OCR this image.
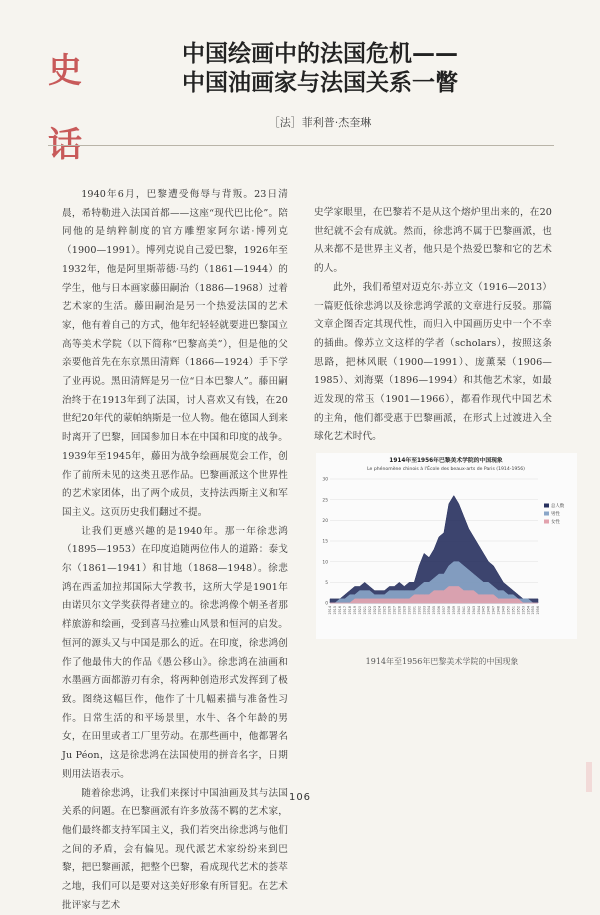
史
话
中国绘画中的法国危机——
中国油画家与法国关系一瞥
［法］菲利普·杰奎琳

1940年6月，巴黎遭受侮辱与背叛。23日清晨，希特勒进入法国首都——这座“现代巴比伦”。陪同他的是纳粹制度的官方雕塑家阿尔诺·博列克（1900—1991）。博列克说自己爱巴黎，1926年至1932年，他是阿里斯蒂德·马约（1861—1944）的学生，他与日本画家藤田嗣治（1886—1968）过着艺术家的生活。藤田嗣治是另一个热爱法国的艺术家，他有着自己的方式，他年纪轻轻就要进巴黎国立高等美术学院（以下简称“巴黎高美”），但是他的父亲要他首先在东京黑田清辉（1866—1924）手下学了业再说。黑田清辉是另一位“日本巴黎人”。藤田嗣治终于在1913年到了法国，讨人喜欢又有钱，在20世纪20年代的蒙帕纳斯是一位人物。他在德国人到来时离开了巴黎，回国参加日本在中国和印度的战争。1939年至1945年，藤田为战争绘画展览会工作，创作了前所未见的这类丑恶作品。巴黎画派这个世界性的艺术家团体，出了两个成员，支持法西斯主义和军国主义。这页历史我们翻过不提。

让我们更感兴趣的是1940年。那一年徐悲鸿（1895—1953）在印度追随两位伟人的道路：泰戈尔（1861—1941）和甘地（1868—1948）。徐悲鸿在西孟加拉邦国际大学教书，这所大学是1901年由诺贝尔文学奖获得者建立的。徐悲鸿像个朝圣者那样旅游和绘画，受到喜马拉雅山风景和恒河的启发。恒河的源头又与中国是那么的近。在印度，徐悲鸿创作了他最伟大的作品《愚公移山》。徐悲鸿在油画和水墨画方面都游刃有余，将两种创造形式发挥到了极致。图绕这幅巨作，他作了十几幅素描与准备性习作。日常生活的和平场景里，水牛、各个年龄的男女，在田里或者工厂里劳动。在那些画中，他都署名Ju Péon，这是徐悲鸿在法国使用的拼音名字，日期则用法语表示。

随着徐悲鸿，让我们来探讨中国油画及其与法国关系的问题。在巴黎画派有许多放荡不羁的艺术家，他们最终都支持军国主义，我们若突出徐悲鸿与他们之间的矛盾，会有偏见。现代派艺术家纷纷来到巴黎，把巴黎画派，把整个巴黎，看成现代艺术的荟萃之地，我们可以是要对这美好形象有所冒犯。在艺术批评家与艺术

史学家眼里，在巴黎若不是从这个熔炉里出来的，在20世纪就不会有成就。然而，徐悲鸿不属于巴黎画派，也从来都不是世界主义者，他只是个热爱巴黎和它的艺术的人。

此外，我们希望对迈克尔·苏立文（1916—2013）一篇贬低徐悲鸿以及徐悲鸿学派的文章进行反驳。那篇文章企图否定其现代性，而归入中国画历史中一个不幸的插曲。像苏立文这样的学者（scholars），按照这条思路，把林风眠（1900—1991）、庞薰琹（1906—1985）、刘海粟（1896—1994）和其他艺术家，如最近发现的常玉（1901—1966），都看作现代中国艺术的主角，他们都受惠于巴黎画派，在形式上过渡进入全球化艺术时代。

1914年至1956年巴黎美术学院的中国现象
Le phénomène chinois à l'École des beaux-arts de Paris (1914-1956)
0
5
10
15
20
25
30
1914 1915 1916 1917 1918 1919 1920 1921 1922 1923 1924 1925 1926 1927 1928 1929 1930 1931 1932 1933 1934 1935 1936 1937 1938 1939 1940 1941 1942 1943 1944 1945 1946 1947 1948 1949 1950 1951 1952 1953 1954 1955 1956
总人数
男性
女性
1914年至1956年巴黎美术学院的中国现象
106
